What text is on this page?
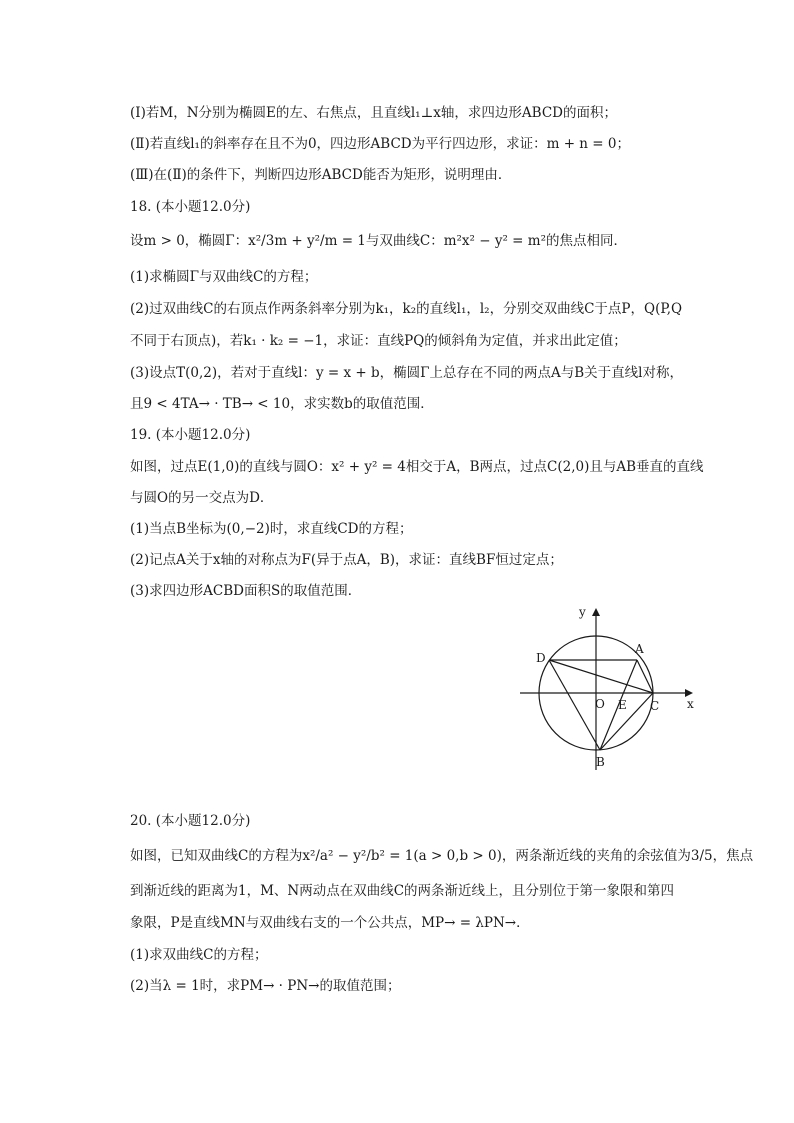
(Ⅰ)若M，N分别为椭圆E的左、右焦点，且直线l₁⊥x轴，求四边形ABCD的面积；
(Ⅱ)若直线l₁的斜率存在且不为0，四边形ABCD为平行四边形，求证：m + n = 0；
(Ⅲ)在(Ⅱ)的条件下，判断四边形ABCD能否为矩形，说明理由．
18. (本小题12.0分)
设m > 0，椭圆Γ：x²/3m + y²/m = 1与双曲线C：m²x² − y² = m²的焦点相同．
(1)求椭圆Γ与双曲线C的方程；
(2)过双曲线C的右顶点作两条斜率分别为k₁，k₂的直线l₁，l₂，分别交双曲线C于点P，Q(P,Q
不同于右顶点)，若k₁ · k₂ = −1，求证：直线PQ的倾斜角为定值，并求出此定值；
(3)设点T(0,2)，若对于直线l：y = x + b，椭圆Γ上总存在不同的两点A与B关于直线l对称，
且9 < 4TA→ · TB→ < 10，求实数b的取值范围．
19. (本小题12.0分)
如图，过点E(1,0)的直线与圆O：x² + y² = 4相交于A，B两点，过点C(2,0)且与AB垂直的直线
与圆O的另一交点为D．
(1)当点B坐标为(0,−2)时，求直线CD的方程；
(2)记点A关于x轴的对称点为F(异于点A，B)，求证：直线BF恒过定点；
(3)求四边形ACBD面积S的取值范围．
y
x
O
A
D
E C
B
20. (本小题12.0分)
如图，已知双曲线C的方程为x²/a² − y²/b² = 1(a > 0,b > 0)，两条渐近线的夹角的余弦值为3/5，焦点
到渐近线的距离为1，M、N两动点在双曲线C的两条渐近线上，且分别位于第一象限和第四
象限，P是直线MN与双曲线右支的一个公共点，MP→ = λPN→．
(1)求双曲线C的方程；
(2)当λ = 1时，求PM→ · PN→的取值范围；
